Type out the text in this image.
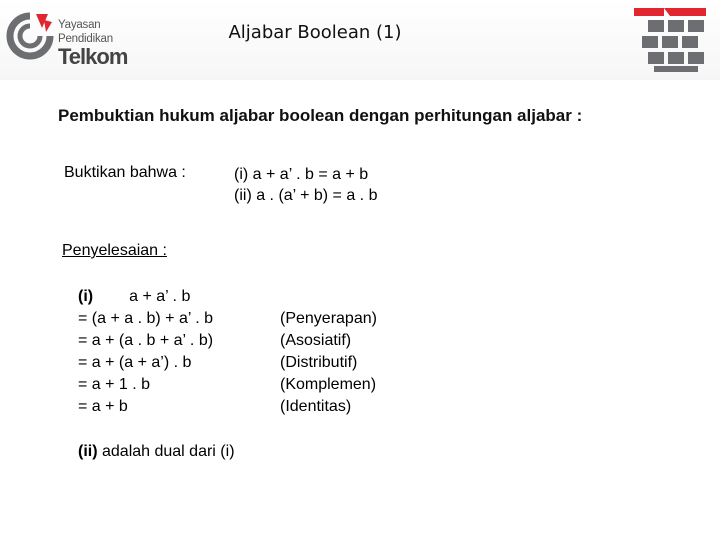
Yayasan
Pendidikan
Telkom
Aljabar Boolean (1)
Pembuktian hukum aljabar boolean dengan perhitungan aljabar :
Buktikan bahwa :	(i) a + a’ . b = a + b
(ii) a . (a’ + b) = a . b
Penyelesaian :
(i) a + a’ . b
= (a + a . b) + a’ . b
= a + (a . b + a’ . b)
= a + (a + a’) . b
= a + 1 . b
= a + b
(Penyerapan)
(Asosiatif)
(Distributif)
(Komplemen)
(Identitas)
(ii) adalah dual dari (i)
